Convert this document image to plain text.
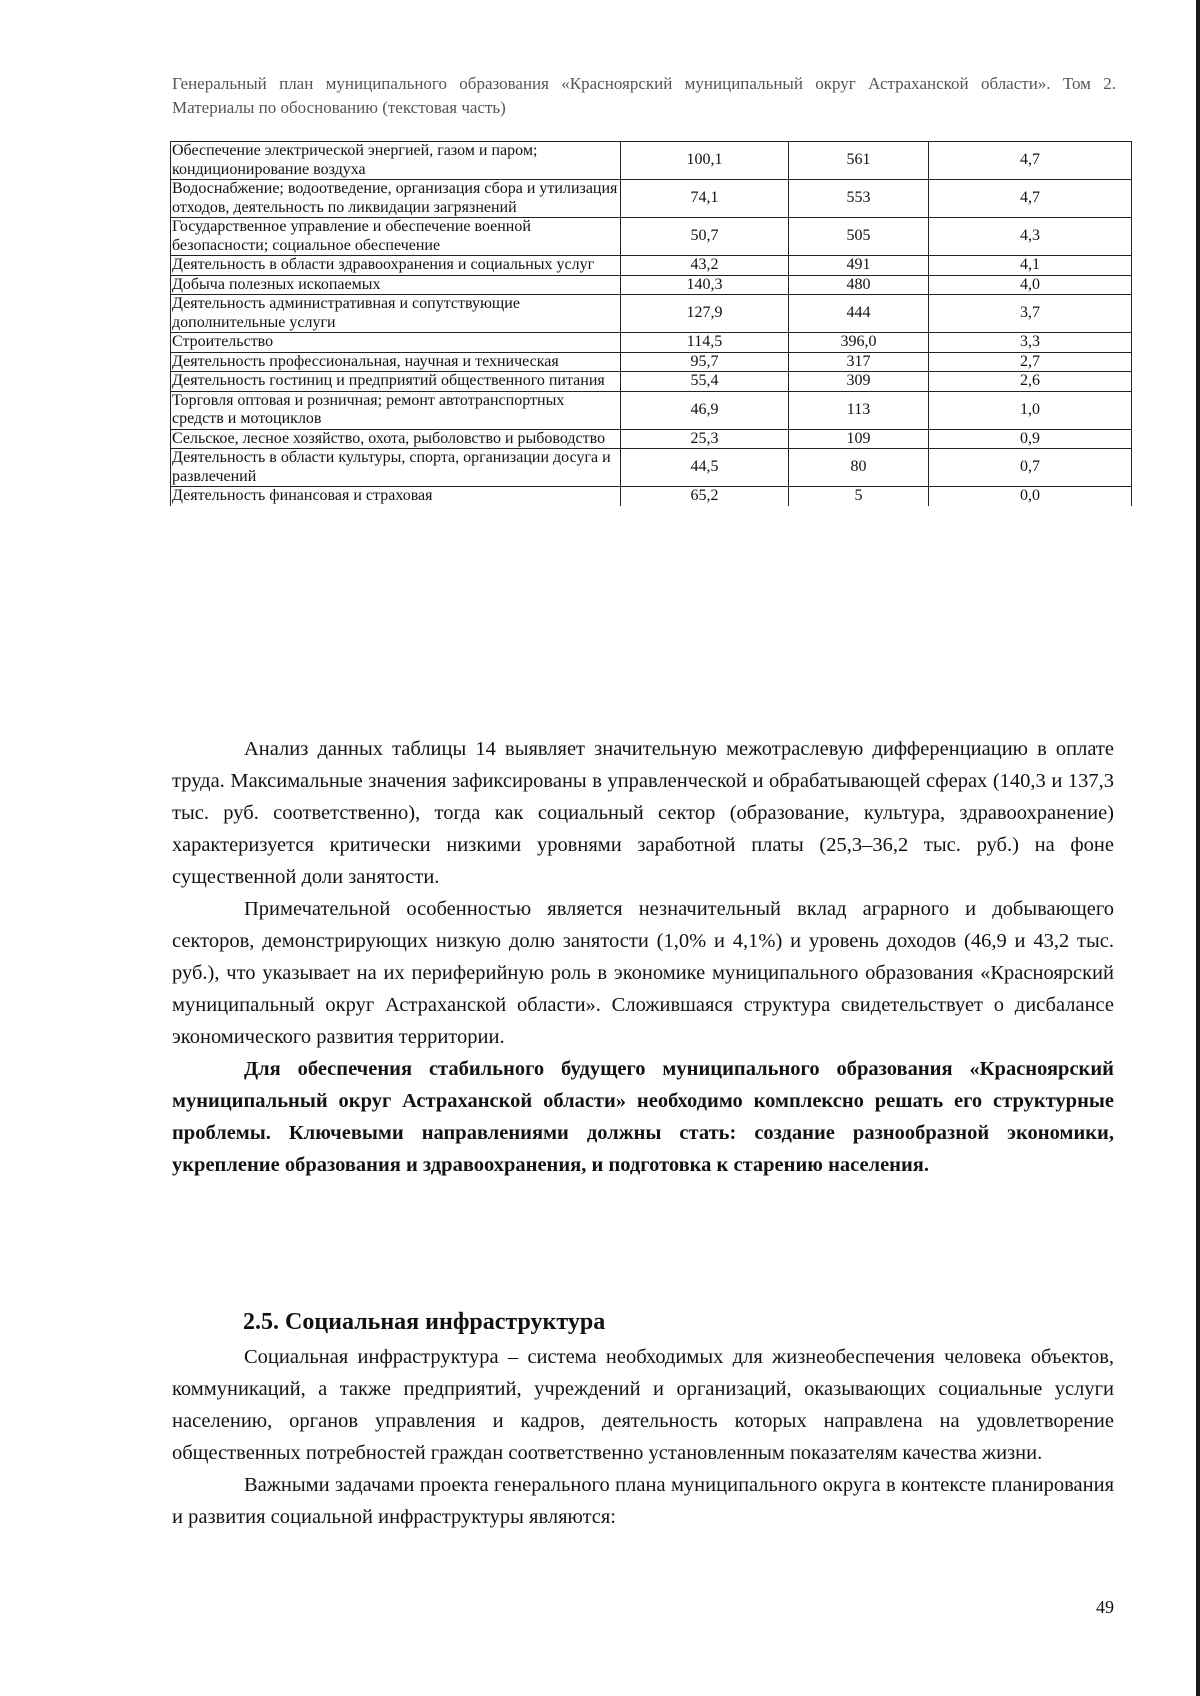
Генеральный план муниципального образования «Красноярский муниципальный округ Астраханской области». Том 2. Материалы по обоснованию (текстовая часть)
Обеспечение электрической энергией, газом и паром; кондиционирование воздуха	100,1	561	4,7
Водоснабжение; водоотведение, организация сбора и утилизация отходов, деятельность по ликвидации загрязнений	74,1	553	4,7
Государственное управление и обеспечение военной безопасности; социальное обеспечение	50,7	505	4,3
Деятельность в области здравоохранения и социальных услуг	43,2	491	4,1
Добыча полезных ископаемых	140,3	480	4,0
Деятельность административная и сопутствующие дополнительные услуги	127,9	444	3,7
Строительство	114,5	396,0	3,3
Деятельность профессиональная, научная и техническая	95,7	317	2,7
Деятельность гостиниц и предприятий общественного питания	55,4	309	2,6
Торговля оптовая и розничная; ремонт автотранспортных средств и мотоциклов	46,9	113	1,0
Сельское, лесное хозяйство, охота, рыболовство и рыбоводство	25,3	109	0,9
Деятельность в области культуры, спорта, организации досуга и развлечений	44,5	80	0,7
Деятельность финансовая и страховая	65,2	5	0,0

Анализ данных таблицы 14 выявляет значительную межотраслевую дифференциацию в оплате труда. Максимальные значения зафиксированы в управленческой и обрабатывающей сферах (140,3 и 137,3 тыс. руб. соответственно), тогда как социальный сектор (образование, культура, здравоохранение) характеризуется критически низкими уровнями заработной платы (25,3–36,2 тыс. руб.) на фоне существенной доли занятости.

Примечательной особенностью является незначительный вклад аграрного и добывающего секторов, демонстрирующих низкую долю занятости (1,0% и 4,1%) и уровень доходов (46,9 и 43,2 тыс. руб.), что указывает на их периферийную роль в экономике муниципального образования «Красноярский муниципальный округ Астраханской области». Сложившаяся структура свидетельствует о дисбалансе экономического развития территории.

Для обеспечения стабильного будущего муниципального образования «Красноярский муниципальный округ Астраханской области» необходимо комплексно решать его структурные проблемы. Ключевыми направлениями должны стать: создание разнообразной экономики, укрепление образования и здравоохранения, и подготовка к старению населения.

2.5. Социальная инфраструктура

Социальная инфраструктура – система необходимых для жизнеобеспечения человека объектов, коммуникаций, а также предприятий, учреждений и организаций, оказывающих социальные услуги населению, органов управления и кадров, деятельность которых направлена на удовлетворение общественных потребностей граждан соответственно установленным показателям качества жизни.

Важными задачами проекта генерального плана муниципального округа в контексте планирования и развития социальной инфраструктуры являются:

49
